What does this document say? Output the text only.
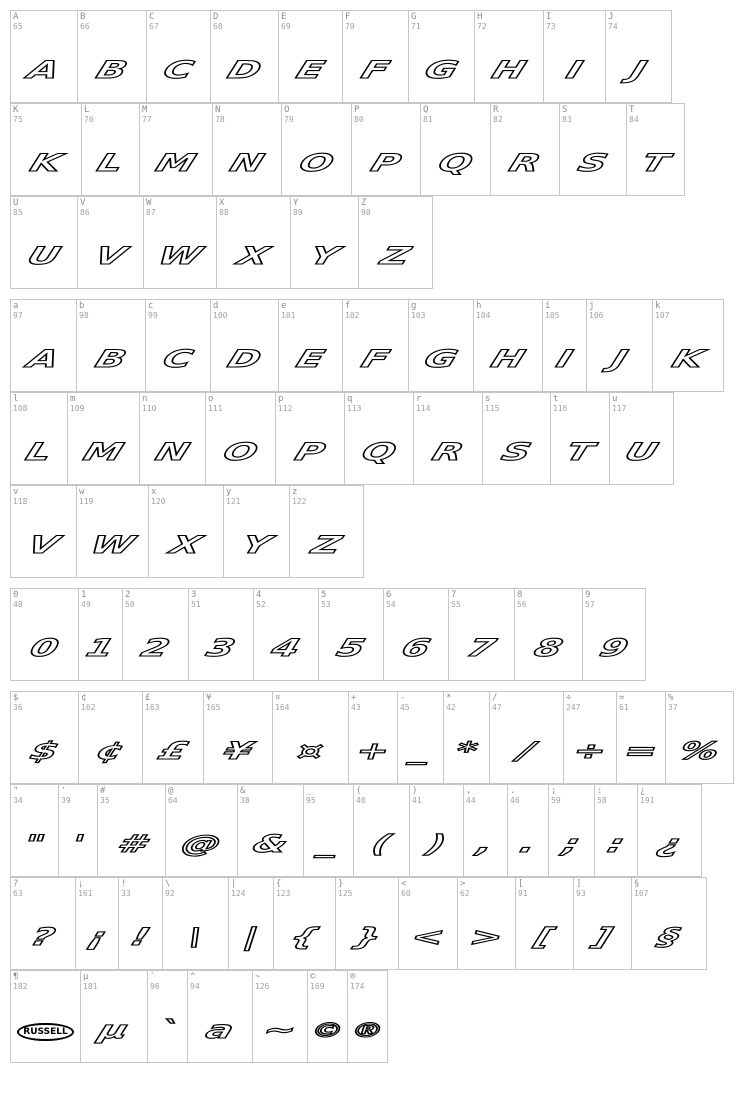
A
65
A
B
66
B
C
67
C
D
68
D
E
69
E
F
70
F
G
71
G
H
72
H
I
73
I
J
74
J
K
75
K
L
76
L
M
77
M
N
78
N
O
79
O
P
80
P
Q
81
Q
R
82
R
S
83
S
T
84
T
U
85
U
V
86
V
W
87
W
X
88
X
Y
89
Y
Z
90
Z
a
97
A
b
98
B
c
99
C
d
100
D
e
101
E
f
102
F
g
103
G
h
104
H
i
105
I
j
106
J
k
107
K
l
108
L
m
109
M
n
110
N
o
111
O
p
112
P
q
113
Q
r
114
R
s
115
S
t
116
T
u
117
U
v
118
V
w
119
W
x
120
X
y
121
Y
z
122
Z
0
48
0
1
49
1
2
50
2
3
51
3
4
52
4
5
53
5
6
54
6
7
55
7
8
56
8
9
57
9
$
36
$
¢
162
¢
£
163
£
¥
165
¥
¤
164
¤
+
43
+
-
45
_
*
42
*
/
47
/
÷
247
÷
=
61
=
%
37
%
"
34
"
'
39
'
#
35
#
@
64
@
&
38
&
_
95
_
(
40
(
)
41
)
,
44
,
.
46
.
;
59
;
:
58
:
¿
191
¿
?
63
?
¡
161
¡
!
33
!
\
92
\
|
124
|
{
123
{
}
125
}
<
60
<
>
62
>
[
91
[
]
93
]
§
167
§
¶
182
RUSSELL
µ
181
µ
`
96
`
^
94
a
~
126
~
©
169
©
®
174
®
